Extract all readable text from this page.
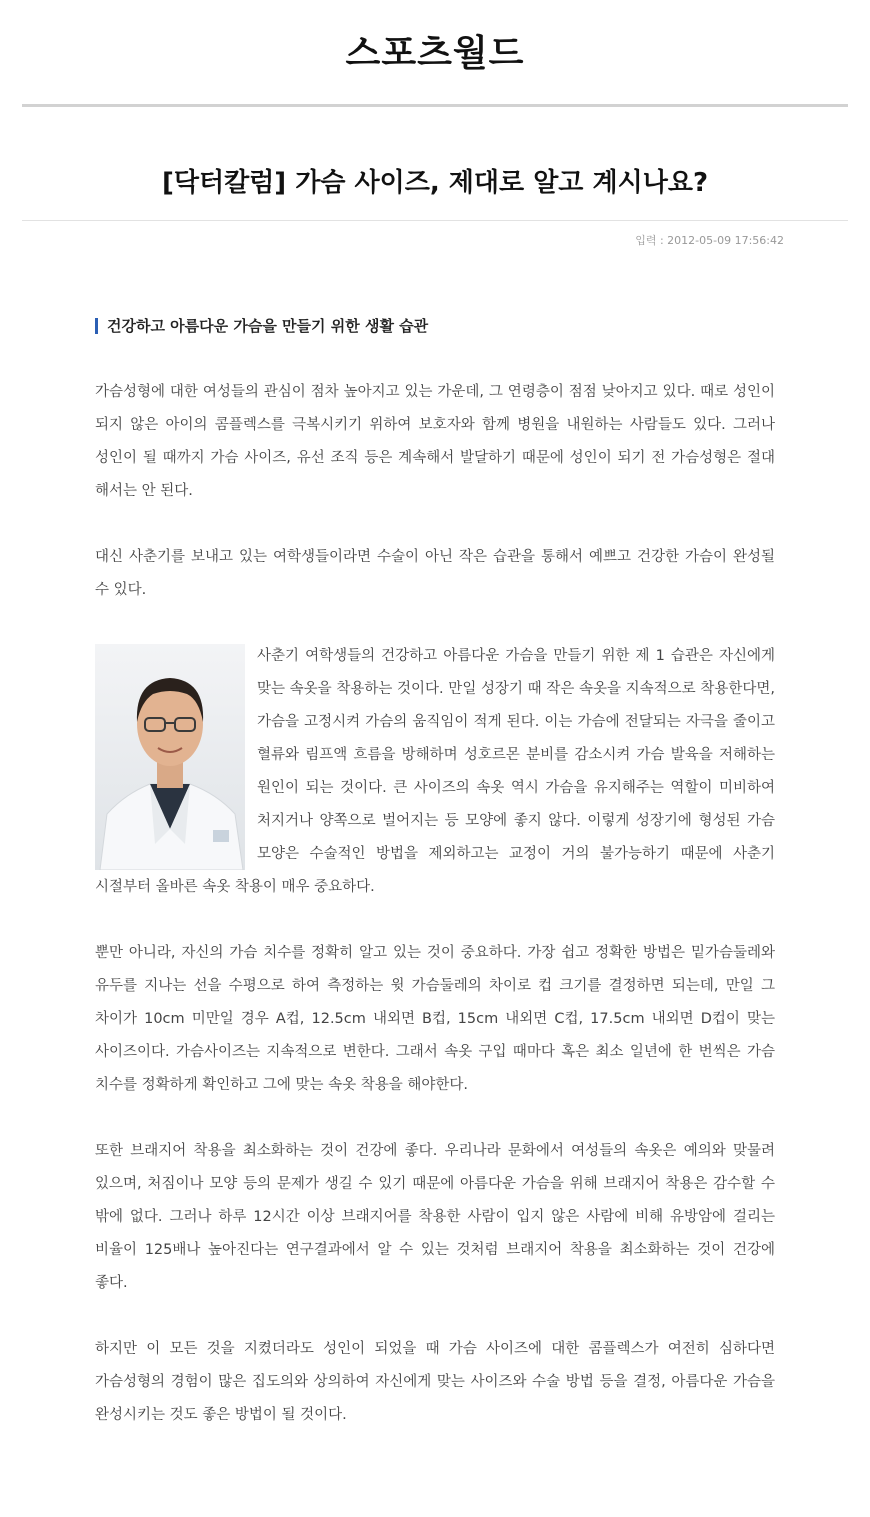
스포츠월드
[닥터칼럼] 가슴 사이즈, 제대로 알고 계시나요?
입력 : 2012-05-09 17:56:42
건강하고 아름다운 가슴을 만들기 위한 생활 습관

가슴성형에 대한 여성들의 관심이 점차 높아지고 있는 가운데, 그 연령층이 점점 낮아지고 있다. 때로 성인이 되지 않은 아이의 콤플렉스를 극복시키기 위하여 보호자와 함께 병원을 내원하는 사람들도 있다. 그러나 성인이 될 때까지 가슴 사이즈, 유선 조직 등은 계속해서 발달하기 때문에 성인이 되기 전 가슴성형은 절대 해서는 안 된다.

대신 사춘기를 보내고 있는 여학생들이라면 수술이 아닌 작은 습관을 통해서 예쁘고 건강한 가슴이 완성될 수 있다.

사춘기 여학생들의 건강하고 아름다운 가슴을 만들기 위한 제 1 습관은 자신에게 맞는 속옷을 착용하는 것이다. 만일 성장기 때 작은 속옷을 지속적으로 착용한다면, 가슴을 고정시켜 가슴의 움직임이 적게 된다. 이는 가슴에 전달되는 자극을 줄이고 혈류와 림프액 흐름을 방해하며 성호르몬 분비를 감소시켜 가슴 발육을 저해하는 원인이 되는 것이다. 큰 사이즈의 속옷 역시 가슴을 유지해주는 역할이 미비하여 처지거나 양쪽으로 벌어지는 등 모양에 좋지 않다. 이렇게 성장기에 형성된 가슴 모양은 수술적인 방법을 제외하고는 교정이 거의 불가능하기 때문에 사춘기 시절부터 올바른 속옷 착용이 매우 중요하다.

뿐만 아니라, 자신의 가슴 치수를 정확히 알고 있는 것이 중요하다. 가장 쉽고 정확한 방법은 밑가슴둘레와 유두를 지나는 선을 수평으로 하여 측정하는 윗 가슴둘레의 차이로 컵 크기를 결정하면 되는데, 만일 그 차이가 10cm 미만일 경우 A컵, 12.5cm 내외면 B컵, 15cm 내외면 C컵, 17.5cm 내외면 D컵이 맞는 사이즈이다. 가슴사이즈는 지속적으로 변한다. 그래서 속옷 구입 때마다 혹은 최소 일년에 한 번씩은 가슴 치수를 정확하게 확인하고 그에 맞는 속옷 착용을 해야한다.

또한 브래지어 착용을 최소화하는 것이 건강에 좋다. 우리나라 문화에서 여성들의 속옷은 예의와 맞물려 있으며, 처짐이나 모양 등의 문제가 생길 수 있기 때문에 아름다운 가슴을 위해 브래지어 착용은 감수할 수 밖에 없다. 그러나 하루 12시간 이상 브래지어를 착용한 사람이 입지 않은 사람에 비해 유방암에 걸리는 비율이 125배나 높아진다는 연구결과에서 알 수 있는 것처럼 브래지어 착용을 최소화하는 것이 건강에 좋다.

하지만 이 모든 것을 지켰더라도 성인이 되었을 때 가슴 사이즈에 대한 콤플렉스가 여전히 심하다면 가슴성형의 경험이 많은 집도의와 상의하여 자신에게 맞는 사이즈와 수술 방법 등을 결정, 아름다운 가슴을 완성시키는 것도 좋은 방법이 될 것이다.
